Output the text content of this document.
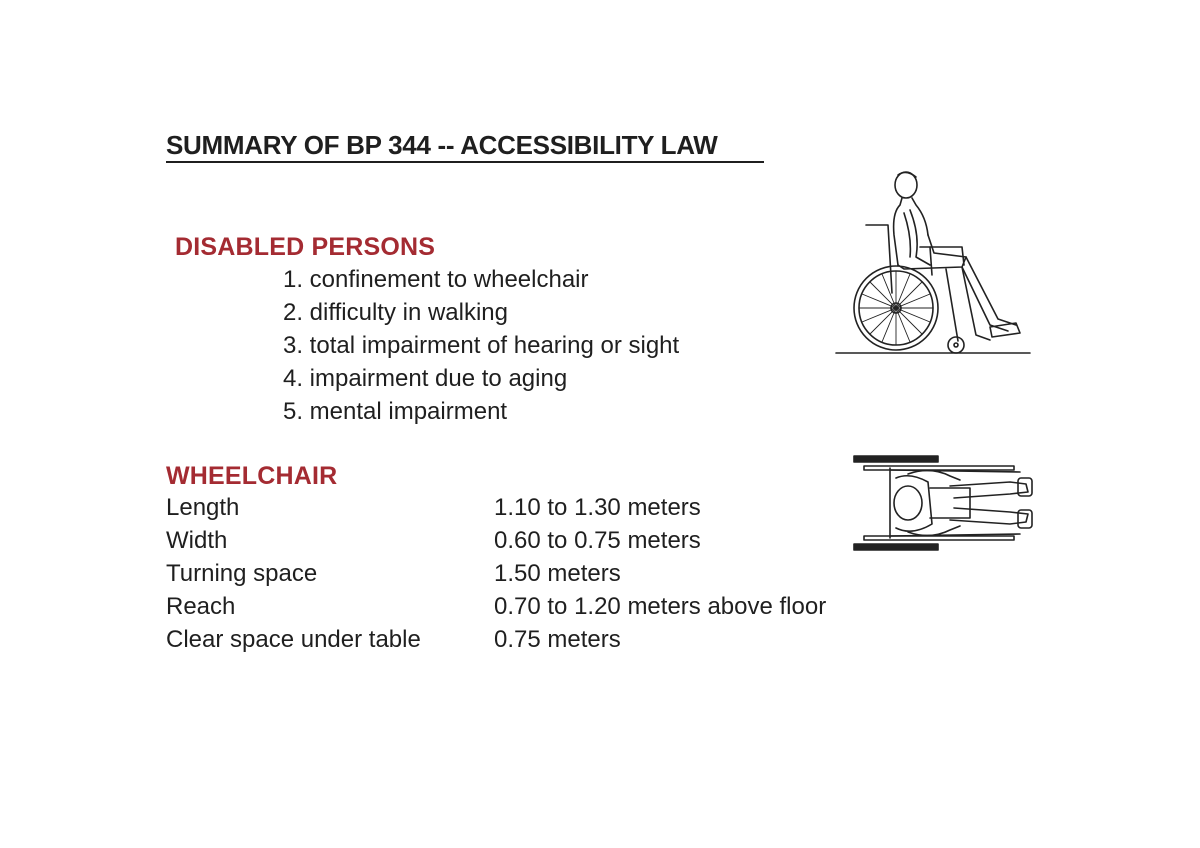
SUMMARY OF BP 344 -- ACCESSIBILITY LAW
DISABLED PERSONS
1. confinement to wheelchair
2. difficulty in walking
3. total impairment of hearing or sight
4. impairment due to aging
5. mental impairment
WHEELCHAIR
Length	1.10 to 1.30 meters
Width	0.60 to 0.75 meters
Turning space	1.50 meters
Reach	0.70 to 1.20 meters above floor
Clear space under table	0.75 meters
